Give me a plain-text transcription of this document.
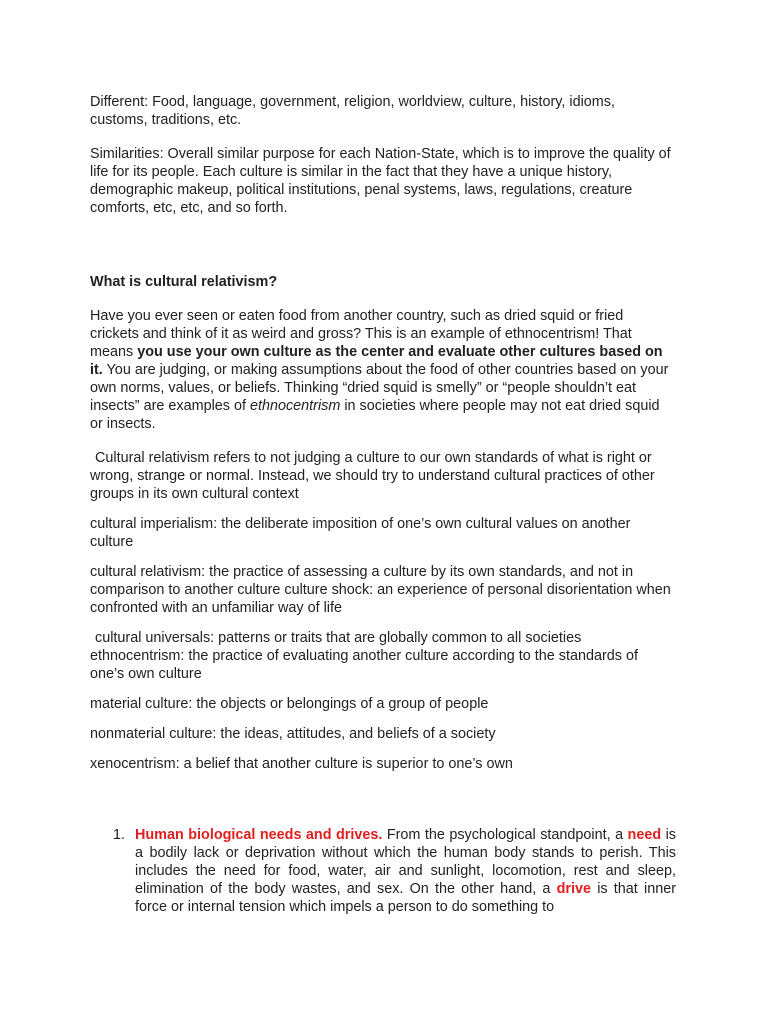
Different: Food, language, government, religion, worldview, culture, history, idioms, customs, traditions, etc.

Similarities: Overall similar purpose for each Nation-State, which is to improve the quality of life for its people. Each culture is similar in the fact that they have a unique history, demographic makeup, political institutions, penal systems, laws, regulations, creature comforts, etc, etc, and so forth.

What is cultural relativism?

Have you ever seen or eaten food from another country, such as dried squid or fried crickets and think of it as weird and gross? This is an example of ethnocentrism! That means you use your own culture as the center and evaluate other cultures based on it. You are judging, or making assumptions about the food of other countries based on your own norms, values, or beliefs. Thinking “dried squid is smelly” or “people shouldn’t eat insects” are examples of ethnocentrism in societies where people may not eat dried squid or insects.

Cultural relativism refers to not judging a culture to our own standards of what is right or wrong, strange or normal. Instead, we should try to understand cultural practices of other groups in its own cultural context

cultural imperialism: the deliberate imposition of one’s own cultural values on another culture

cultural relativism: the practice of assessing a culture by its own standards, and not in comparison to another culture culture shock: an experience of personal disorientation when confronted with an unfamiliar way of life

cultural universals: patterns or traits that are globally common to all societies ethnocentrism: the practice of evaluating another culture according to the standards of one’s own culture

material culture: the objects or belongings of a group of people

nonmaterial culture: the ideas, attitudes, and beliefs of a society

xenocentrism: a belief that another culture is superior to one’s own

1. Human biological needs and drives. From the psychological standpoint, a need is a bodily lack or deprivation without which the human body stands to perish. This includes the need for food, water, air and sunlight, locomotion, rest and sleep, elimination of the body wastes, and sex. On the other hand, a drive is that inner force or internal tension which impels a person to do something to
